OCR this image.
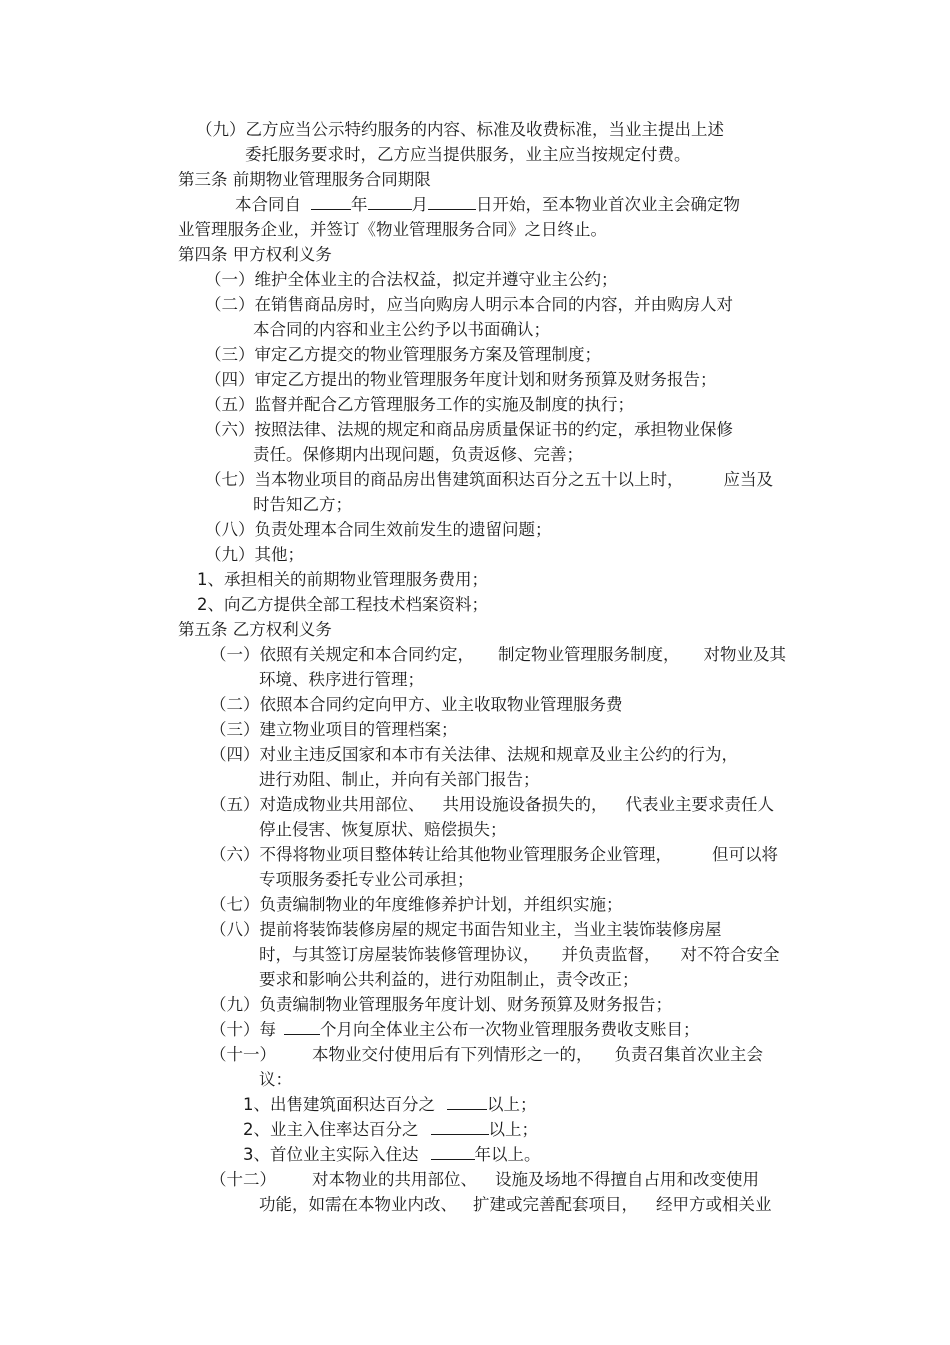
（九）乙方应当公示特约服务的内容、标准及收费标准，当业主提出上述
委托服务要求时，乙方应当提供服务，业主应当按规定付费。
第三条 前期物业管理服务合同期限
本合同自	年	月	日开始，至本物业首次业主会确定物
业管理服务企业，并签订《物业管理服务合同》之日终止。
第四条 甲方权利义务
（一）维护全体业主的合法权益，拟定并遵守业主公约；
（二）在销售商品房时，应当向购房人明示本合同的内容，并由购房人对
本合同的内容和业主公约予以书面确认；
（三）审定乙方提交的物业管理服务方案及管理制度；
（四）审定乙方提出的物业管理服务年度计划和财务预算及财务报告；
（五）监督并配合乙方管理服务工作的实施及制度的执行；
（六）按照法律、法规的规定和商品房质量保证书的约定，承担物业保修
责任。保修期内出现问题，负责返修、完善；
（七）当本物业项目的商品房出售建筑面积达百分之五十以上时， 应当及
时告知乙方；
（八）负责处理本合同生效前发生的遗留问题；
（九）其他；
1、承担相关的前期物业管理服务费用；
2、向乙方提供全部工程技术档案资料；
第五条 乙方权利义务
（一）依照有关规定和本合同约定， 制定物业管理服务制度， 对物业及其
环境、秩序进行管理；
（二）依照本合同约定向甲方、业主收取物业管理服务费
（三）建立物业项目的管理档案；
（四）对业主违反国家和本市有关法律、法规和规章及业主公约的行为，
进行劝阻、制止，并向有关部门报告；
（五）对造成物业共用部位、 共用设施设备损失的， 代表业主要求责任人
停止侵害、恢复原状、赔偿损失；
（六）不得将物业项目整体转让给其他物业管理服务企业管理， 但可以将
专项服务委托专业公司承担；
（七）负责编制物业的年度维修养护计划，并组织实施；
（八）提前将装饰装修房屋的规定书面告知业主，当业主装饰装修房屋
时，与其签订房屋装饰装修管理协议， 并负责监督， 对不符合安全
要求和影响公共利益的，进行劝阻制止，责令改正；
（九）负责编制物业管理服务年度计划、财务预算及财务报告；
（十）每	个月向全体业主公布一次物业管理服务费收支账目；
（十一） 本物业交付使用后有下列情形之一的， 负责召集首次业主会
议：
1、出售建筑面积达百分之	以上；
2、业主入住率达百分之	以上；
3、首位业主实际入住达	年以上。
（十二） 对本物业的共用部位、 设施及场地不得擅自占用和改变使用
功能，如需在本物业内改、 扩建或完善配套项目， 经甲方或相关业
